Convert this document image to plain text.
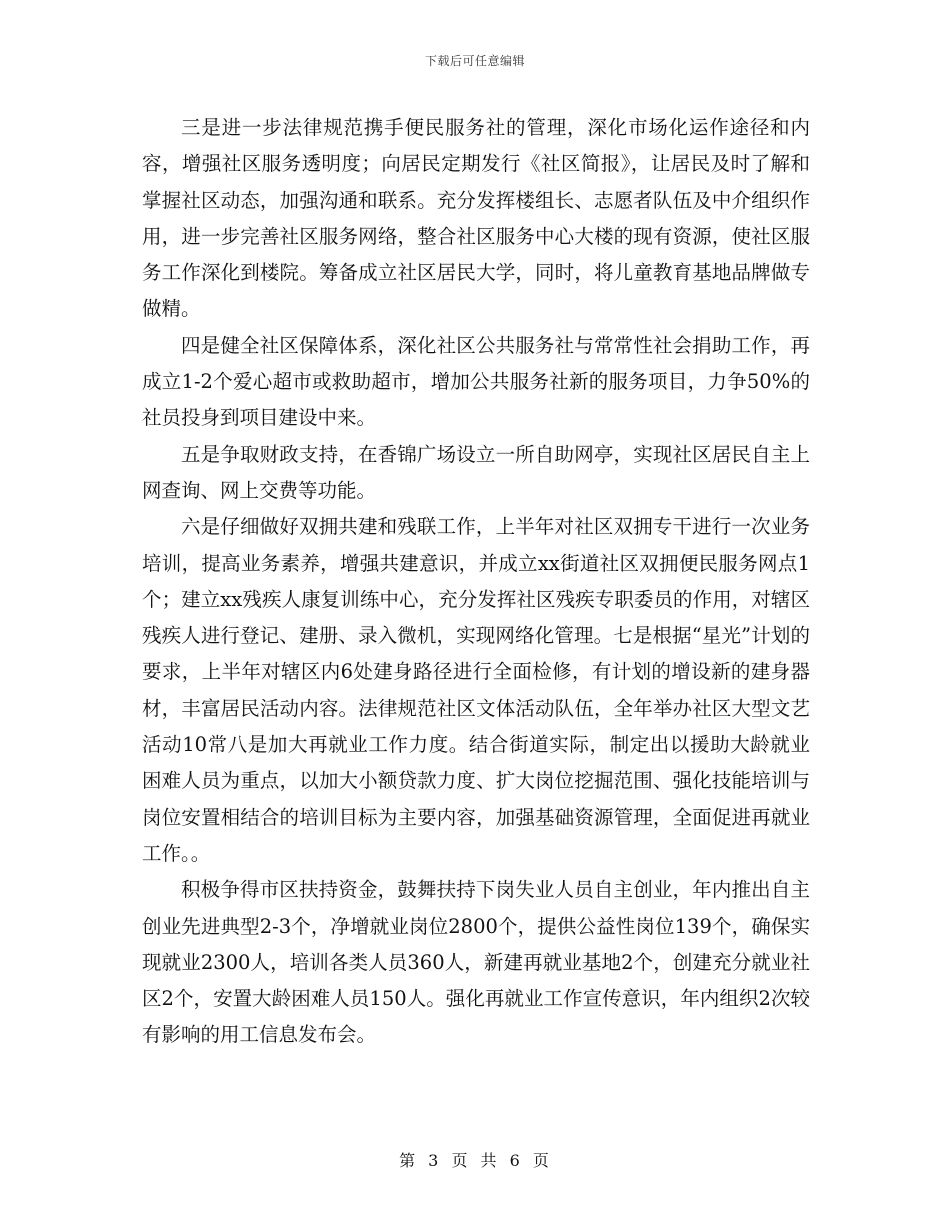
下载后可任意编辑

三是进一步法律规范携手便民服务社的管理，深化市场化运作途径和内容，增强社区服务透明度；向居民定期发行《社区简报》，让居民及时了解和掌握社区动态，加强沟通和联系。充分发挥楼组长、志愿者队伍及中介组织作用，进一步完善社区服务网络，整合社区服务中心大楼的现有资源，使社区服务工作深化到楼院。筹备成立社区居民大学，同时，将儿童教育基地品牌做专做精。

四是健全社区保障体系，深化社区公共服务社与常常性社会捐助工作，再成立1-2个爱心超市或救助超市，增加公共服务社新的服务项目，力争50%的社员投身到项目建设中来。

五是争取财政支持，在香锦广场设立一所自助网亭，实现社区居民自主上网查询、网上交费等功能。

六是仔细做好双拥共建和残联工作，上半年对社区双拥专干进行一次业务培训，提高业务素养，增强共建意识，并成立xx街道社区双拥便民服务网点1个；建立xx残疾人康复训练中心，充分发挥社区残疾专职委员的作用，对辖区残疾人进行登记、建册、录入微机，实现网络化管理。七是根据“星光”计划的要求，上半年对辖区内6处建身路径进行全面检修，有计划的增设新的建身器材，丰富居民活动内容。法律规范社区文体活动队伍，全年举办社区大型文艺活动10常八是加大再就业工作力度。结合街道实际，制定出以援助大龄就业困难人员为重点，以加大小额贷款力度、扩大岗位挖掘范围、强化技能培训与岗位安置相结合的培训目标为主要内容，加强基础资源管理，全面促进再就业工作。。

积极争得市区扶持资金，鼓舞扶持下岗失业人员自主创业，年内推出自主创业先进典型2-3个，净增就业岗位2800个，提供公益性岗位139个，确保实现就业2300人，培训各类人员360人，新建再就业基地2个，创建充分就业社区2个，安置大龄困难人员150人。强化再就业工作宣传意识，年内组织2次较有影响的用工信息发布会。

第 3 页 共 6 页
